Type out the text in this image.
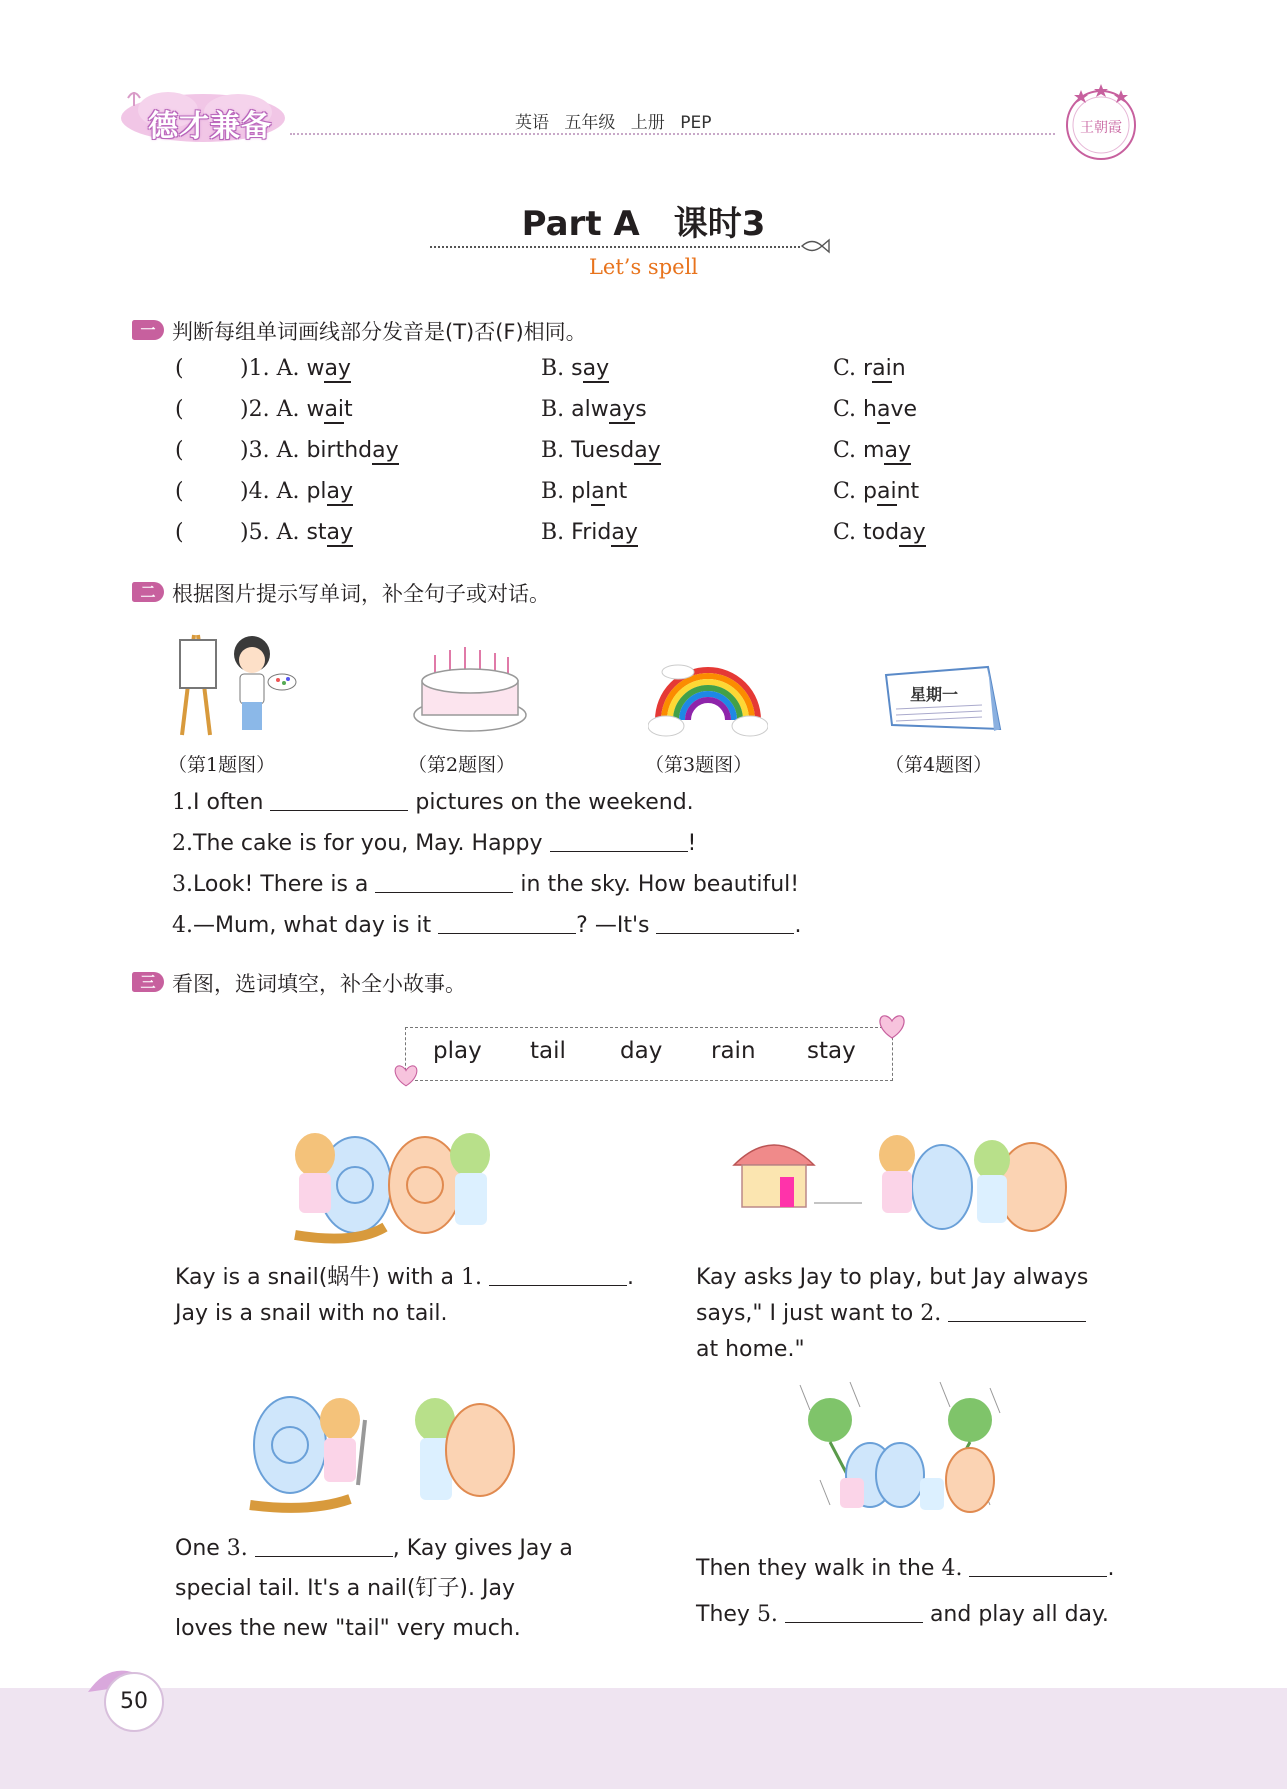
德才兼备	英语 五年级 上册 PEP	王朝霞
Part A　课时3
Let’s spell
一 判断每组单词画线部分发音是(T)否(F)相同。
(	)1. A. way	B. say	C. rain
(	)2. A. wait	B. always	C. have
(	)3. A. birthday	B. Tuesday	C. may
(	)4. A. play	B. plant	C. paint
(	)5. A. stay	B. Friday	C. today
二 根据图片提示写单词，补全句子或对话。
星期一
（第1题图）	（第2题图）	（第3题图）	（第4题图）
1.I often	pictures on the weekend.
2.The cake is for you, May. Happy	!
3.Look! There is a	in the sky. How beautiful!
4.—Mum, what day is it	? —It's	.
三 看图，选词填空，补全小故事。
play tail day rain stay
Kay is a snail(蜗牛) with a 1.	.
Jay is a snail with no tail.
Kay asks Jay to play, but Jay always
says," I just want to 2.
at home."
One 3.	, Kay gives Jay a
special tail. It's a nail(钉子). Jay
loves the new "tail" very much.
Then they walk in the 4.	.
They 5.	and play all day.
50
